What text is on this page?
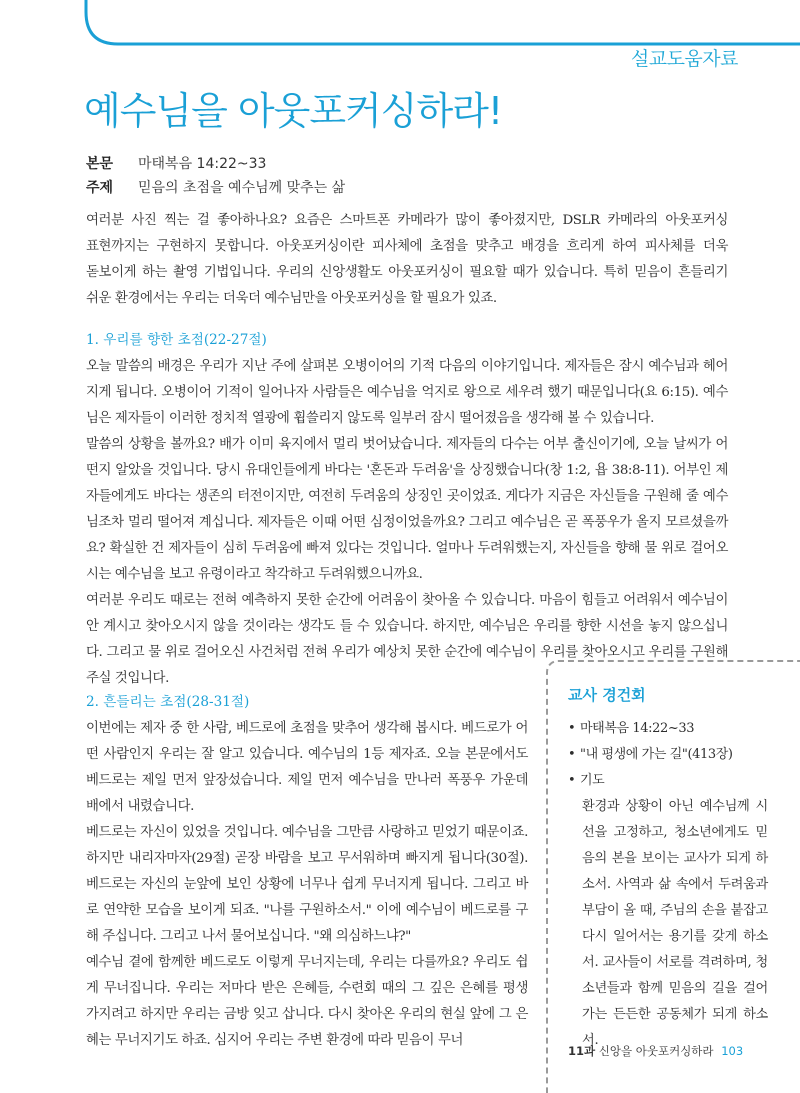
설교도움자료
예수님을 아웃포커싱하라!
본문	마태복음 14:22~33
주제	믿음의 초점을 예수님께 맞추는 삶

여러분 사진 찍는 걸 좋아하나요? 요즘은 스마트폰 카메라가 많이 좋아졌지만, DSLR 카메라의 아웃포커싱 표현까지는 구현하지 못합니다. 아웃포커싱이란 피사체에 초점을 맞추고 배경을 흐리게 하여 피사체를 더욱 돋보이게 하는 촬영 기법입니다. 우리의 신앙생활도 아웃포커싱이 필요할 때가 있습니다. 특히 믿음이 흔들리기 쉬운 환경에서는 우리는 더욱더 예수님만을 아웃포커싱을 할 필요가 있죠.

1. 우리를 향한 초점(22-27절)

오늘 말씀의 배경은 우리가 지난 주에 살펴본 오병이어의 기적 다음의 이야기입니다. 제자들은 잠시 예수님과 헤어지게 됩니다. 오병이어 기적이 일어나자 사람들은 예수님을 억지로 왕으로 세우려 했기 때문입니다(요 6:15). 예수님은 제자들이 이러한 정치적 열광에 휩쓸리지 않도록 일부러 잠시 떨어졌음을 생각해 볼 수 있습니다.

말씀의 상황을 볼까요? 배가 이미 육지에서 멀리 벗어났습니다. 제자들의 다수는 어부 출신이기에, 오늘 날씨가 어떤지 알았을 것입니다. 당시 유대인들에게 바다는 '혼돈과 두려움'을 상징했습니다(창 1:2, 욥 38:8-11). 어부인 제자들에게도 바다는 생존의 터전이지만, 여전히 두려움의 상징인 곳이었죠. 게다가 지금은 자신들을 구원해 줄 예수님조차 멀리 떨어져 계십니다. 제자들은 이때 어떤 심정이었을까요? 그리고 예수님은 곧 폭풍우가 올지 모르셨을까요? 확실한 건 제자들이 심히 두려움에 빠져 있다는 것입니다. 얼마나 두려워했는지, 자신들을 향해 물 위로 걸어오시는 예수님을 보고 유령이라고 착각하고 두려워했으니까요.

여러분 우리도 때로는 전혀 예측하지 못한 순간에 어려움이 찾아올 수 있습니다. 마음이 힘들고 어려워서 예수님이 안 계시고 찾아오시지 않을 것이라는 생각도 들 수 있습니다. 하지만, 예수님은 우리를 향한 시선을 놓지 않으십니다. 그리고 물 위로 걸어오신 사건처럼 전혀 우리가 예상치 못한 순간에 예수님이 우리를 찾아오시고 우리를 구원해 주실 것입니다.

2. 흔들리는 초점(28-31절)

이번에는 제자 중 한 사람, 베드로에 초점을 맞추어 생각해 봅시다. 베드로가 어떤 사람인지 우리는 잘 알고 있습니다. 예수님의 1등 제자죠. 오늘 본문에서도 베드로는 제일 먼저 앞장섰습니다. 제일 먼저 예수님을 만나러 폭풍우 가운데 배에서 내렸습니다.

베드로는 자신이 있었을 것입니다. 예수님을 그만큼 사랑하고 믿었기 때문이죠. 하지만 내리자마자(29절) 곧장 바람을 보고 무서워하며 빠지게 됩니다(30절). 베드로는 자신의 눈앞에 보인 상황에 너무나 쉽게 무너지게 됩니다. 그리고 바로 연약한 모습을 보이게 되죠. "나를 구원하소서." 이에 예수님이 베드로를 구해 주십니다. 그리고 나서 물어보십니다. "왜 의심하느냐?"

예수님 곁에 함께한 베드로도 이렇게 무너지는데, 우리는 다를까요? 우리도 쉽게 무너집니다. 우리는 저마다 받은 은혜들, 수련회 때의 그 깊은 은혜를 평생 가지려고 하지만 우리는 금방 잊고 삽니다. 다시 찾아온 우리의 현실 앞에 그 은혜는 무너지기도 하죠. 심지어 우리는 주변 환경에 따라 믿음이 무너

교사 경건회
• 마태복음 14:22~33
• "내 평생에 가는 길"(413장)
• 기도

환경과 상황이 아닌 예수님께 시선을 고정하고, 청소년에게도 믿음의 본을 보이는 교사가 되게 하소서. 사역과 삶 속에서 두려움과 부담이 올 때, 주님의 손을 붙잡고 다시 일어서는 용기를 갖게 하소서. 교사들이 서로를 격려하며, 청소년들과 함께 믿음의 길을 걸어가는 든든한 공동체가 되게 하소서.

11과 신앙을 아웃포커싱하라 103
